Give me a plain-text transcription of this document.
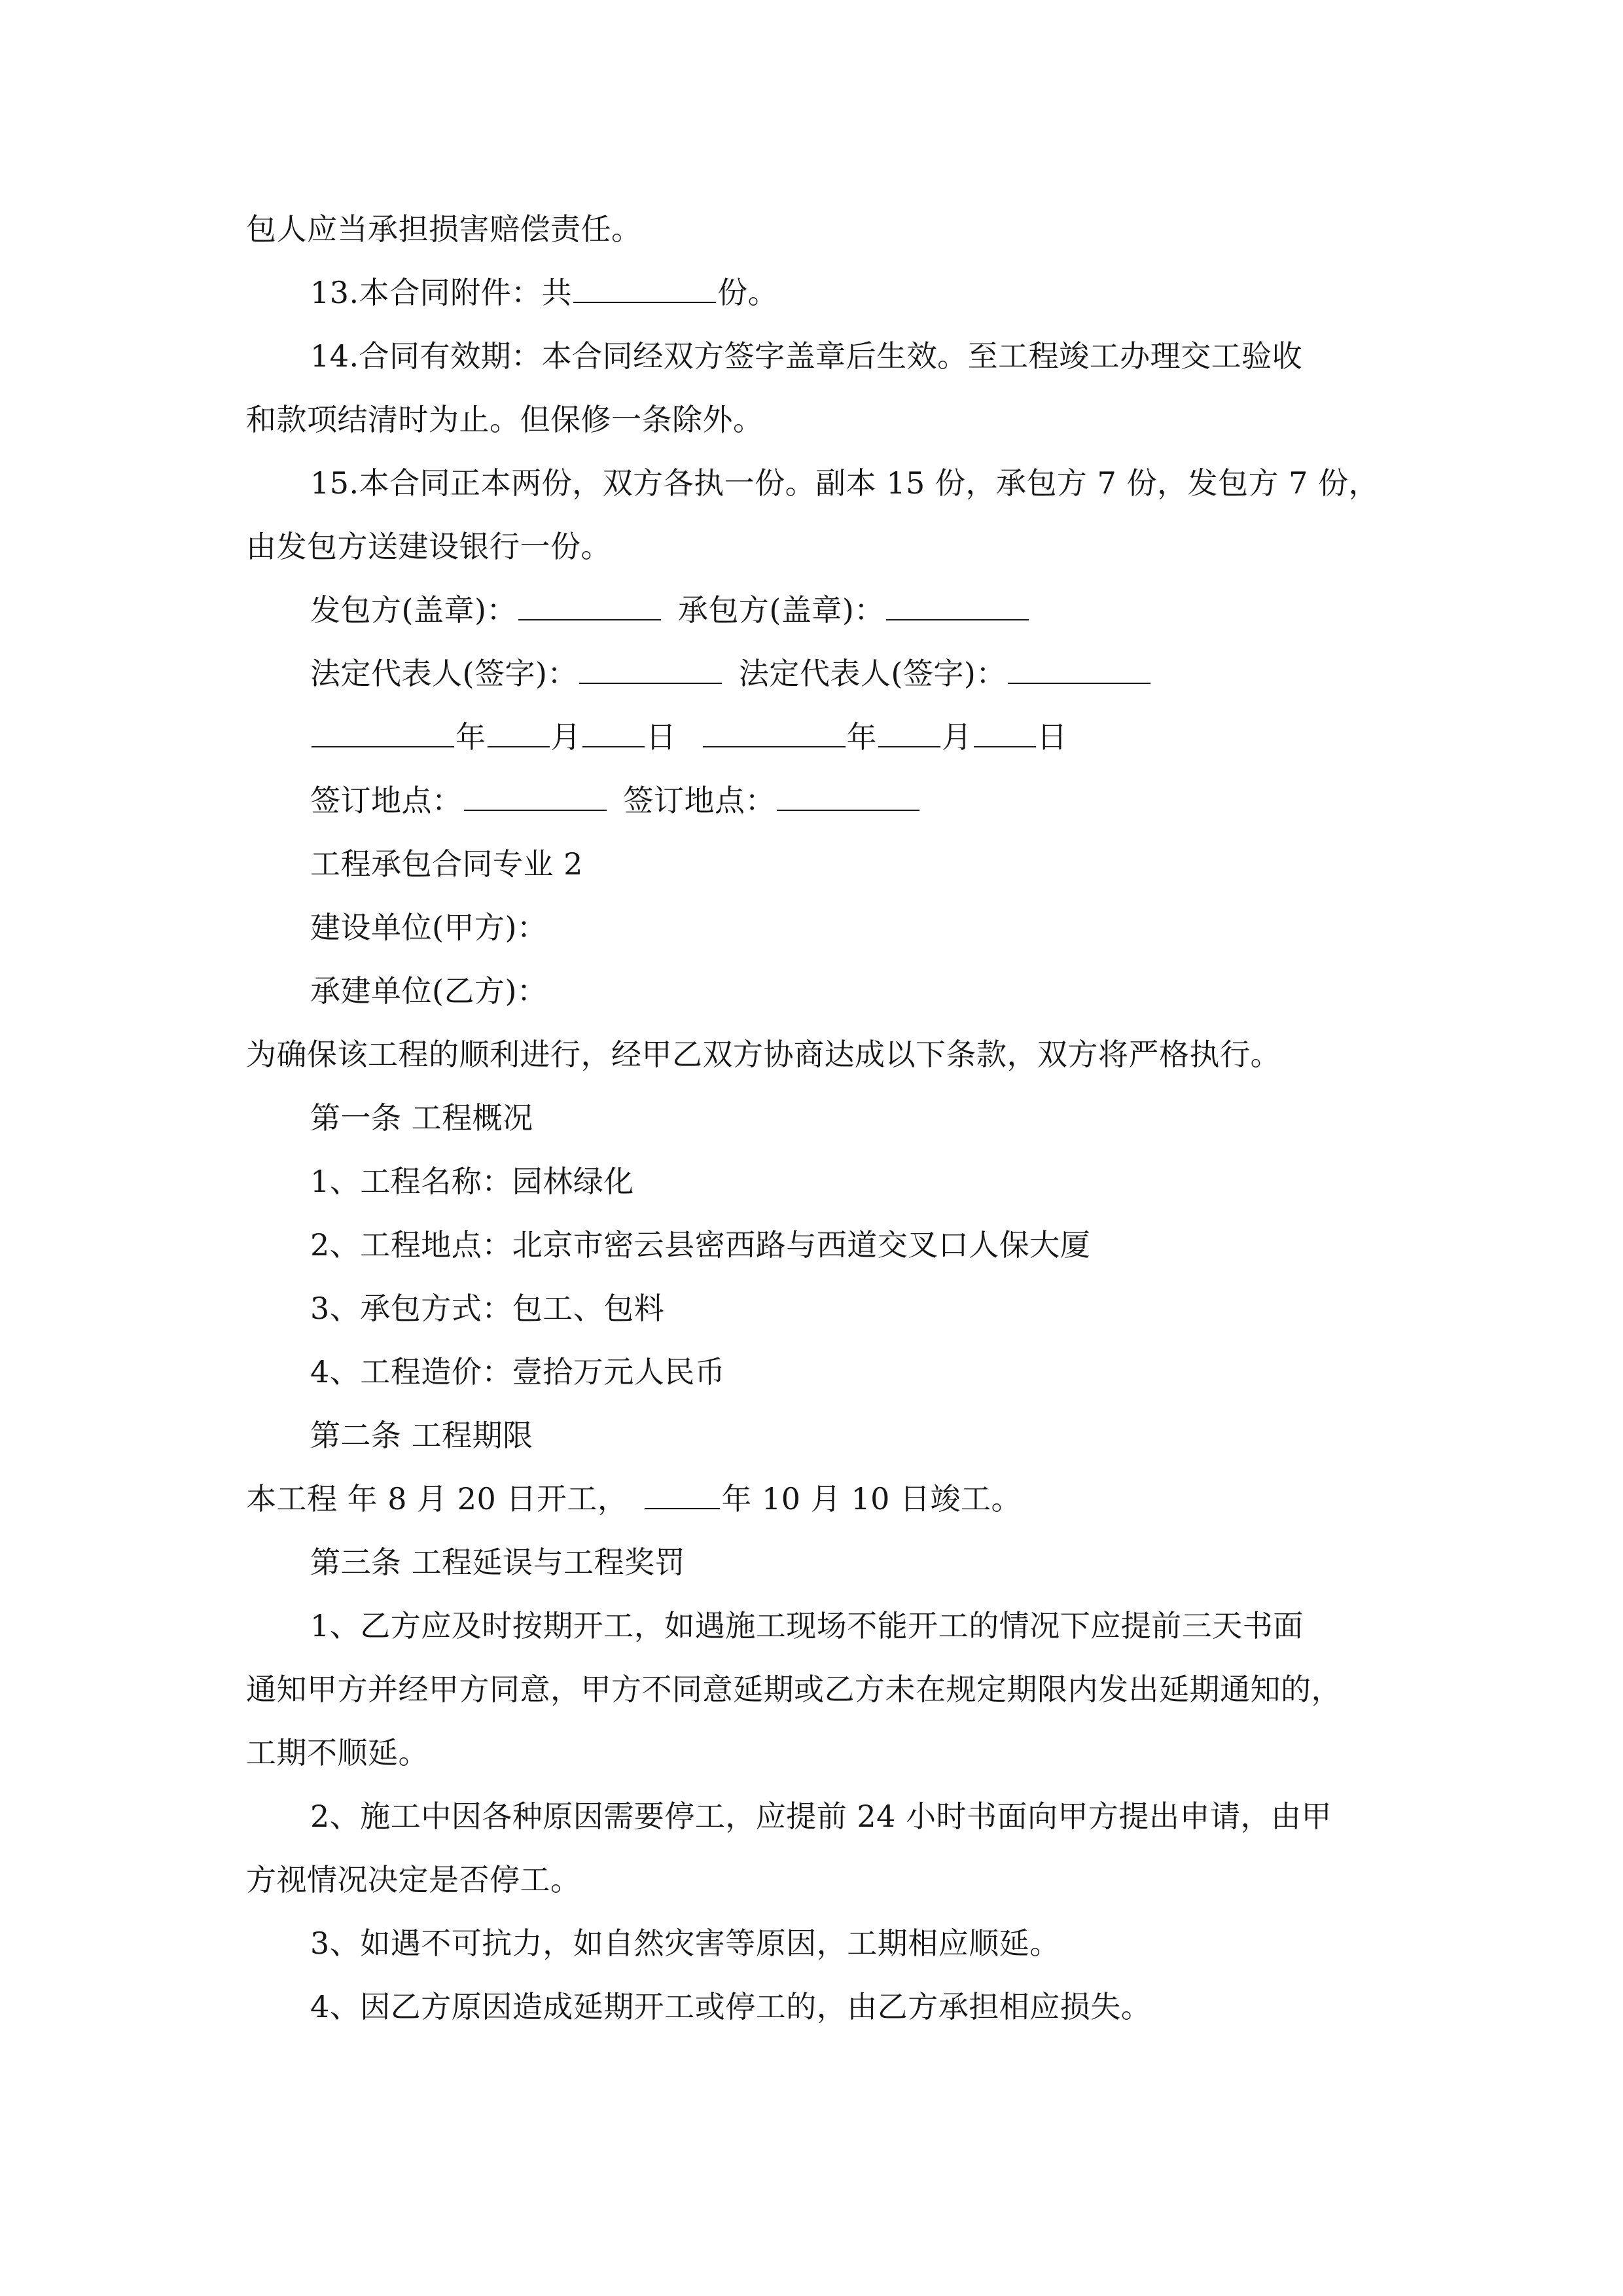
包人应当承担损害赔偿责任。
13.本合同附件：共	份。
14.合同有效期：本合同经双方签字盖章后生效。至工程竣工办理交工验收
和款项结清时为止。但保修一条除外。
15.本合同正本两份，双方各执一份。副本 15 份，承包方 7 份，发包方 7 份，
由发包方送建设银行一份。
发包方(盖章)：	承包方(盖章)：
法定代表人(签字)：	法定代表人(签字)：
年 月 日	年 月 日
签订地点：	签订地点：
工程承包合同专业 2
建设单位(甲方)：
承建单位(乙方)：
为确保该工程的顺利进行，经甲乙双方协商达成以下条款，双方将严格执行。
第一条 工程概况
1、工程名称：园林绿化
2、工程地点：北京市密云县密西路与西道交叉口人保大厦
3、承包方式：包工、包料
4、工程造价：壹拾万元人民币
第二条 工程期限
本工程 年 8 月 20 日开工，	年 10 月 10 日竣工。
第三条 工程延误与工程奖罚
1、乙方应及时按期开工，如遇施工现场不能开工的情况下应提前三天书面
通知甲方并经甲方同意，甲方不同意延期或乙方未在规定期限内发出延期通知的，
工期不顺延。
2、施工中因各种原因需要停工，应提前 24 小时书面向甲方提出申请，由甲
方视情况决定是否停工。
3、如遇不可抗力，如自然灾害等原因，工期相应顺延。
4、因乙方原因造成延期开工或停工的，由乙方承担相应损失。
